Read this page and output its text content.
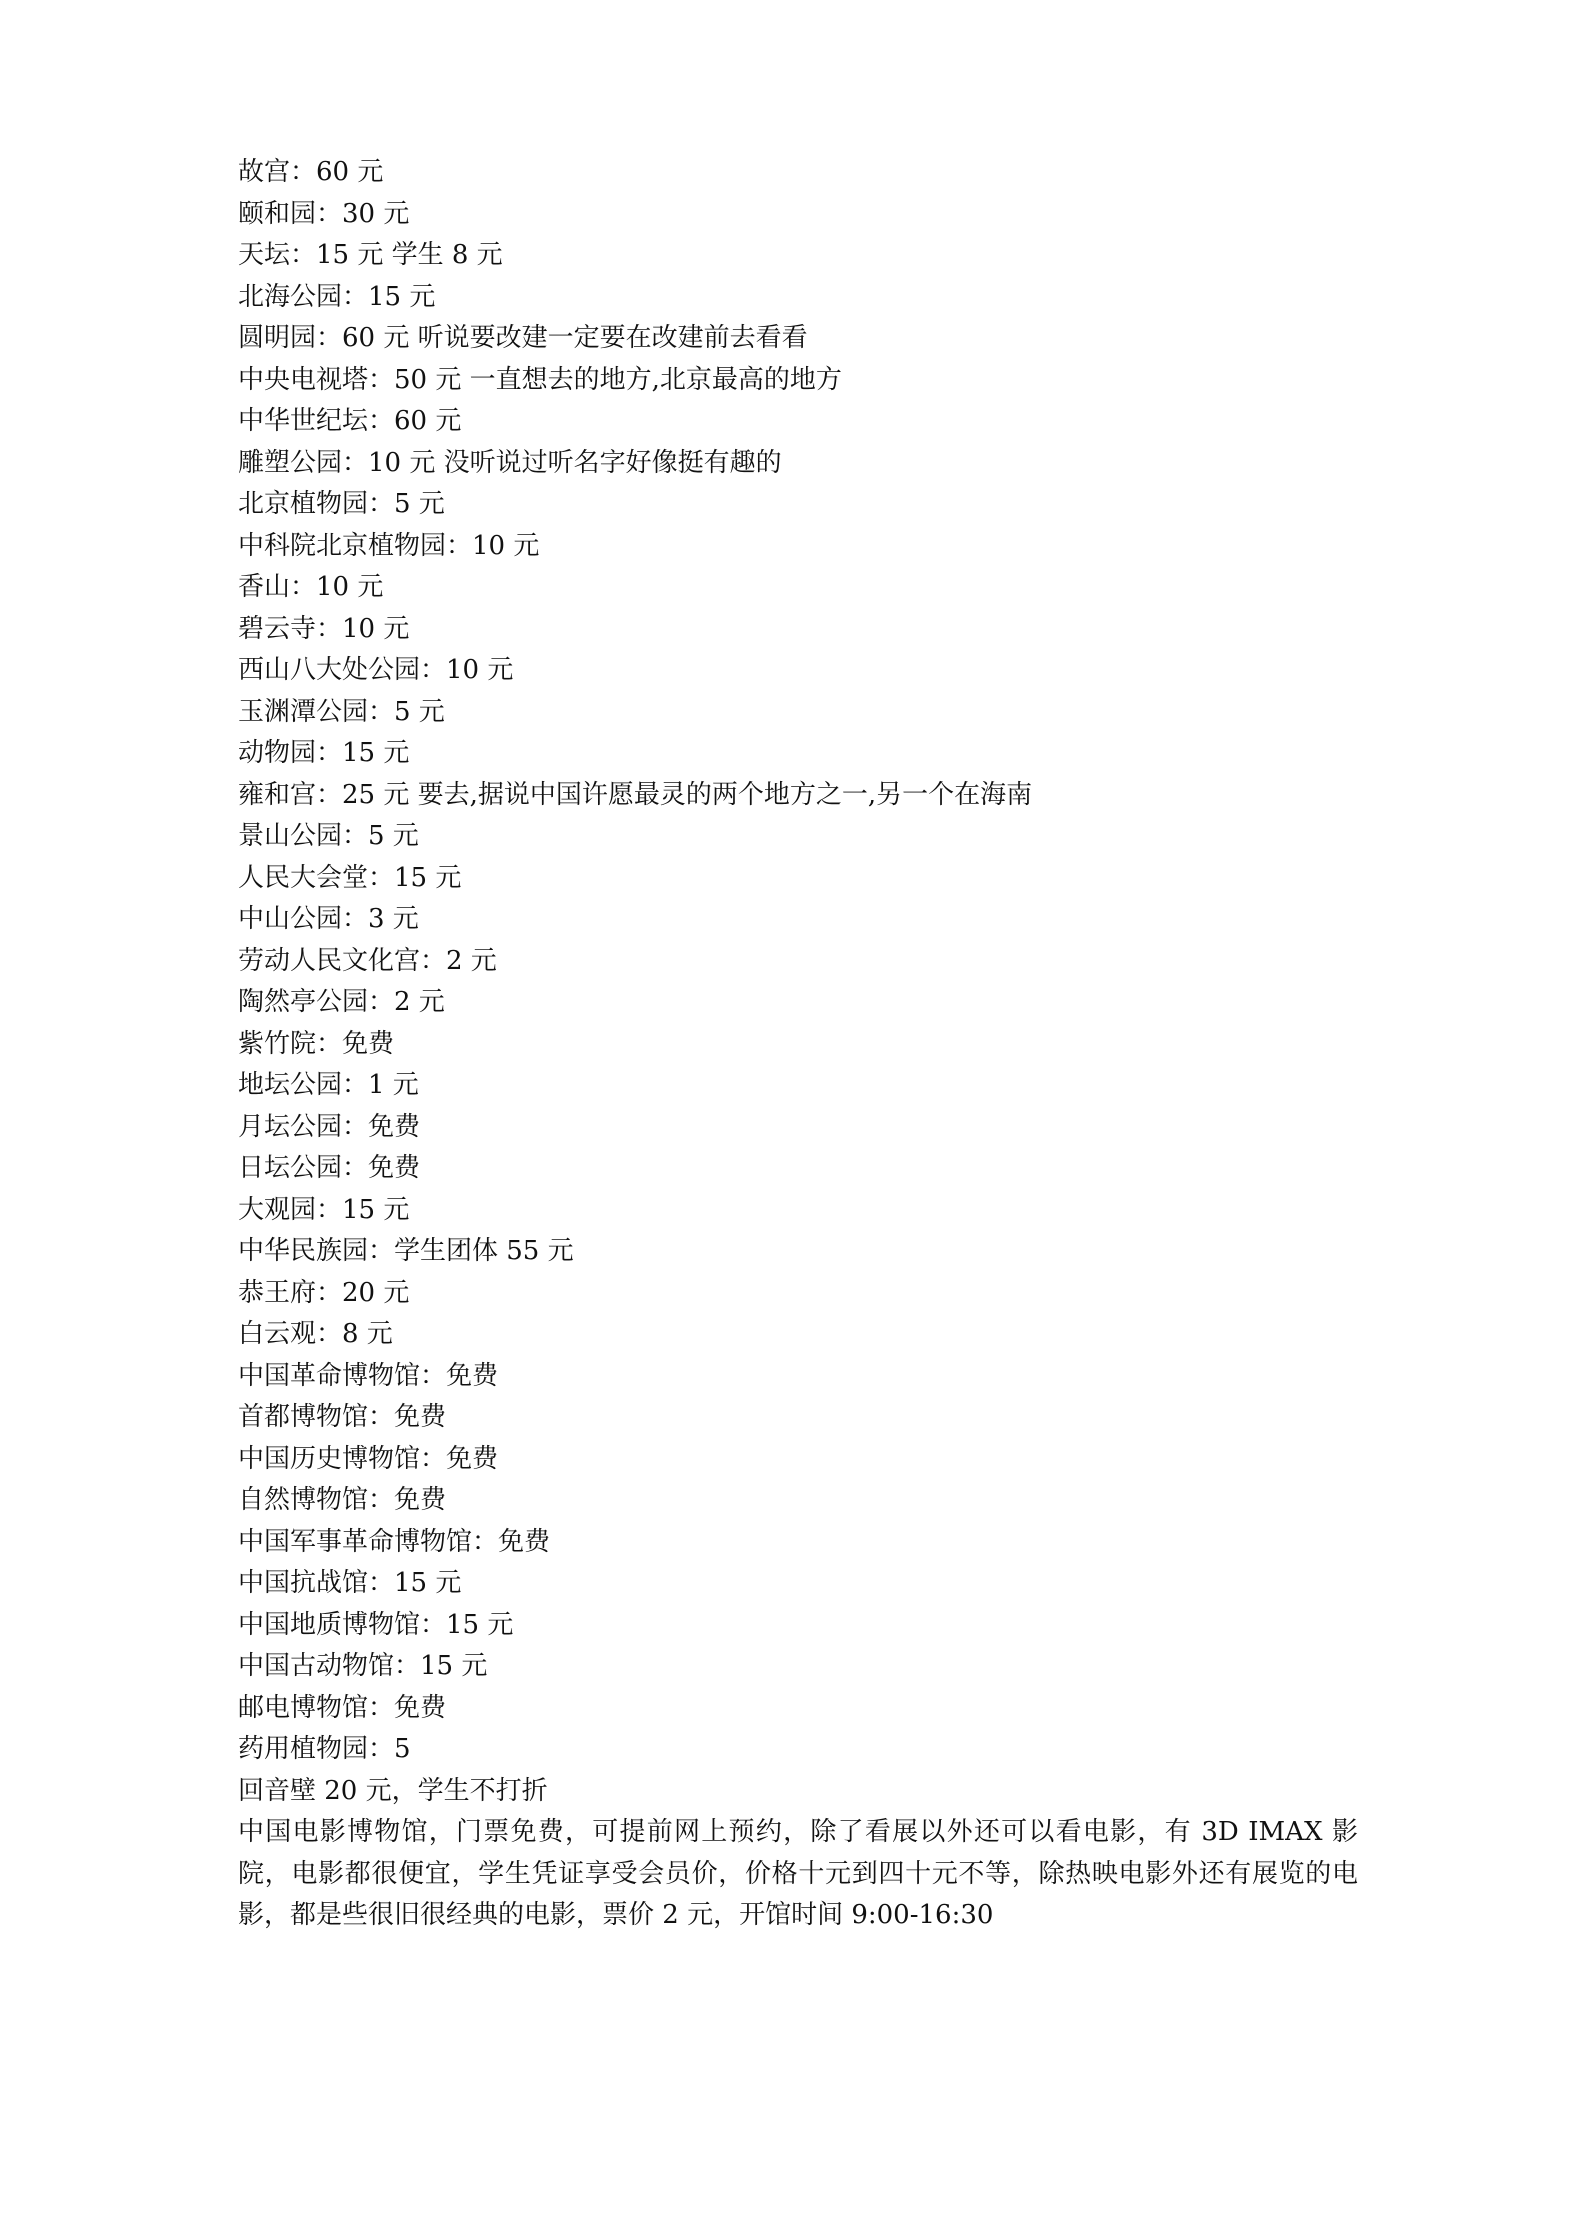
故宫：60 元
颐和园：30 元
天坛：15 元 学生 8 元
北海公园：15 元
圆明园：60 元 听说要改建一定要在改建前去看看
中央电视塔：50 元 一直想去的地方,北京最高的地方
中华世纪坛：60 元
雕塑公园：10 元 没听说过听名字好像挺有趣的
北京植物园：5 元
中科院北京植物园：10 元
香山：10 元
碧云寺：10 元
西山八大处公园：10 元
玉渊潭公园：5 元
动物园：15 元
雍和宫：25 元 要去,据说中国许愿最灵的两个地方之一,另一个在海南
景山公园：5 元
人民大会堂：15 元
中山公园：3 元
劳动人民文化宫：2 元
陶然亭公园：2 元
紫竹院：免费
地坛公园：1 元
月坛公园：免费
日坛公园：免费
大观园：15 元
中华民族园：学生团体 55 元
恭王府：20 元
白云观：8 元
中国革命博物馆：免费
首都博物馆：免费
中国历史博物馆：免费
自然博物馆：免费
中国军事革命博物馆：免费
中国抗战馆：15 元
中国地质博物馆：15 元
中国古动物馆：15 元
邮电博物馆：免费
药用植物园：5
回音壁 20 元，学生不打折

中国电影博物馆，门票免费，可提前网上预约，除了看展以外还可以看电影，有 3D IMAX 影院，电影都很便宜，学生凭证享受会员价，价格十元到四十元不等，除热映电影外还有展览的电影，都是些很旧很经典的电影，票价 2 元，开馆时间 9:00-16:30
